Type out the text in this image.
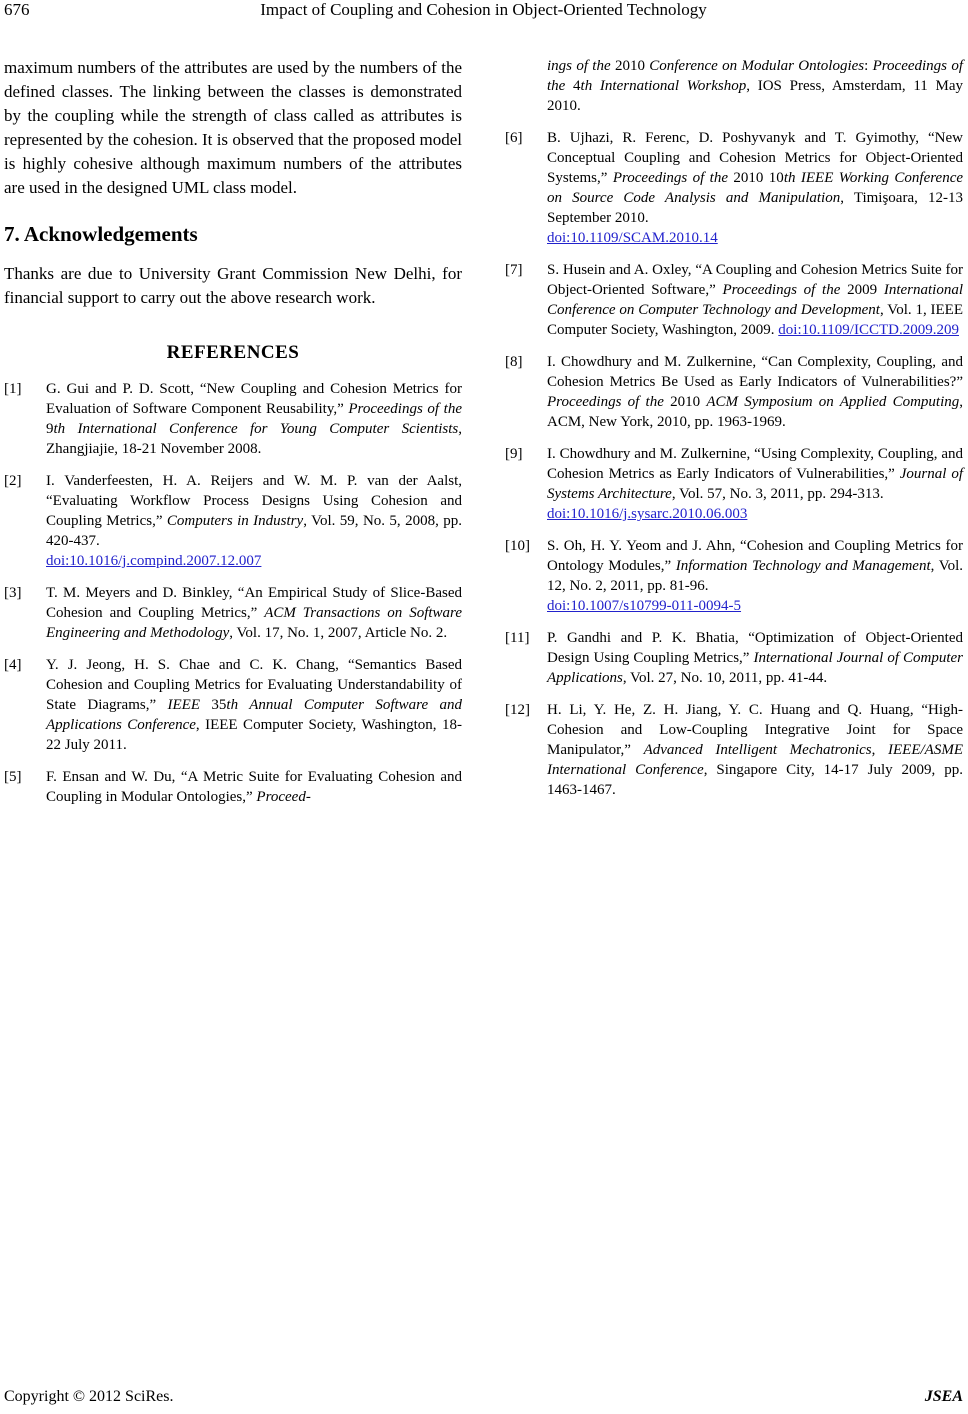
676	Impact of Coupling and Cohesion in Object-Oriented Technology

maximum numbers of the attributes are used by the numbers of the defined classes. The linking between the classes is demonstrated by the coupling while the strength of class called as attributes is represented by the cohesion. It is observed that the proposed model is highly cohesive although maximum numbers of the attributes are used in the designed UML class model.

7. Acknowledgements

Thanks are due to University Grant Commission New Delhi, for financial support to carry out the above research work.

REFERENCES
[1]	G. Gui and P. D. Scott, “New Coupling and Cohesion Metrics for Evaluation of Software Component Reusability,” Proceedings of the 9th International Conference for Young Computer Scientists, Zhangjiajie, 18-21 November 2008.
[2]	I. Vanderfeesten, H. A. Reijers and W. M. P. van der Aalst, “Evaluating Workflow Process Designs Using Cohesion and Coupling Metrics,” Computers in Industry, Vol. 59, No. 5, 2008, pp. 420-437.
doi:10.1016/j.compind.2007.12.007
[3]	T. M. Meyers and D. Binkley, “An Empirical Study of Slice-Based Cohesion and Coupling Metrics,” ACM Transactions on Software Engineering and Methodology, Vol. 17, No. 1, 2007, Article No. 2.
[4]	Y. J. Jeong, H. S. Chae and C. K. Chang, “Semantics Based Cohesion and Coupling Metrics for Evaluating Understandability of State Diagrams,” IEEE 35th Annual Computer Software and Applications Conference, IEEE Computer Society, Washington, 18-22 July 2011.
[5]	F. Ensan and W. Du, “A Metric Suite for Evaluating Cohesion and Coupling in Modular Ontologies,” Proceed-
ings of the 2010 Conference on Modular Ontologies: Proceedings of the 4th International Workshop, IOS Press, Amsterdam, 11 May 2010.
[6]	B. Ujhazi, R. Ferenc, D. Poshyvanyk and T. Gyimothy, “New Conceptual Coupling and Cohesion Metrics for Object-Oriented Systems,” Proceedings of the 2010 10th IEEE Working Conference on Source Code Analysis and Manipulation, Timişoara, 12-13 September 2010.
doi:10.1109/SCAM.2010.14
[7]	S. Husein and A. Oxley, “A Coupling and Cohesion Metrics Suite for Object-Oriented Software,” Proceedings of the 2009 International Conference on Computer Technology and Development, Vol. 1, IEEE Computer Society, Washington, 2009. doi:10.1109/ICCTD.2009.209
[8]	I. Chowdhury and M. Zulkernine, “Can Complexity, Coupling, and Cohesion Metrics Be Used as Early Indicators of Vulnerabilities?” Proceedings of the 2010 ACM Symposium on Applied Computing, ACM, New York, 2010, pp. 1963-1969.
[9]	I. Chowdhury and M. Zulkernine, “Using Complexity, Coupling, and Cohesion Metrics as Early Indicators of Vulnerabilities,” Journal of Systems Architecture, Vol. 57, No. 3, 2011, pp. 294-313.
doi:10.1016/j.sysarc.2010.06.003
[10]	S. Oh, H. Y. Yeom and J. Ahn, “Cohesion and Coupling Metrics for Ontology Modules,” Information Technology and Management, Vol. 12, No. 2, 2011, pp. 81-96.
doi:10.1007/s10799-011-0094-5
[11]	P. Gandhi and P. K. Bhatia, “Optimization of Object-Oriented Design Using Coupling Metrics,” International Journal of Computer Applications, Vol. 27, No. 10, 2011, pp. 41-44.
[12]	H. Li, Y. He, Z. H. Jiang, Y. C. Huang and Q. Huang, “High-Cohesion and Low-Coupling Integrative Joint for Space Manipulator,” Advanced Intelligent Mechatronics, IEEE/ASME International Conference, Singapore City, 14-17 July 2009, pp. 1463-1467.
Copyright © 2012 SciRes.	JSEA
